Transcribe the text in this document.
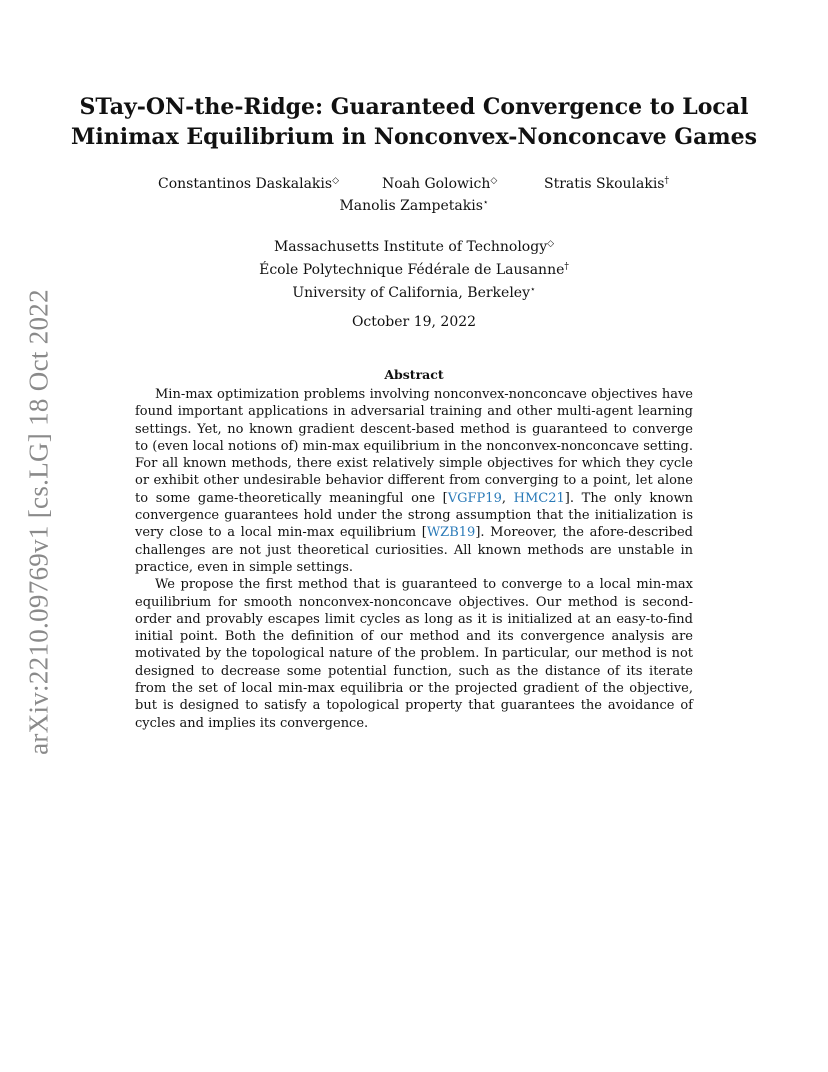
arXiv:2210.09769v1 [cs.LG] 18 Oct 2022
STay-ON-the-Ridge: Guaranteed Convergence to Local
Minimax Equilibrium in Nonconvex-Nonconcave Games
Constantinos Daskalakis◇	Noah Golowich◇	Stratis Skoulakis†
Manolis Zampetakis⋆
Massachusetts Institute of Technology◇
École Polytechnique Fédérale de Lausanne†
University of California, Berkeley⋆
October 19, 2022
Abstract

Min-max optimization problems involving nonconvex-nonconcave objectives have found important applications in adversarial training and other multi-agent learning settings. Yet, no known gradient descent-based method is guaranteed to converge to (even local notions of) min-max equilibrium in the nonconvex-nonconcave setting. For all known methods, there exist relatively simple objectives for which they cycle or exhibit other undesirable behavior different from converging to a point, let alone to some game-theoretically meaningful one [VGFP19, HMC21]. The only known convergence guarantees hold under the strong assumption that the initialization is very close to a local min-max equilibrium [WZB19]. Moreover, the afore-described challenges are not just theoretical curiosities. All known methods are unstable in practice, even in simple settings.

We propose the first method that is guaranteed to converge to a local min-max equilibrium for smooth nonconvex-nonconcave objectives. Our method is second-order and provably escapes limit cycles as long as it is initialized at an easy-to-find initial point. Both the definition of our method and its convergence analysis are motivated by the topological nature of the problem. In particular, our method is not designed to decrease some potential function, such as the distance of its iterate from the set of local min-max equilibria or the projected gradient of the objective, but is designed to satisfy a topological property that guarantees the avoidance of cycles and implies its convergence.
